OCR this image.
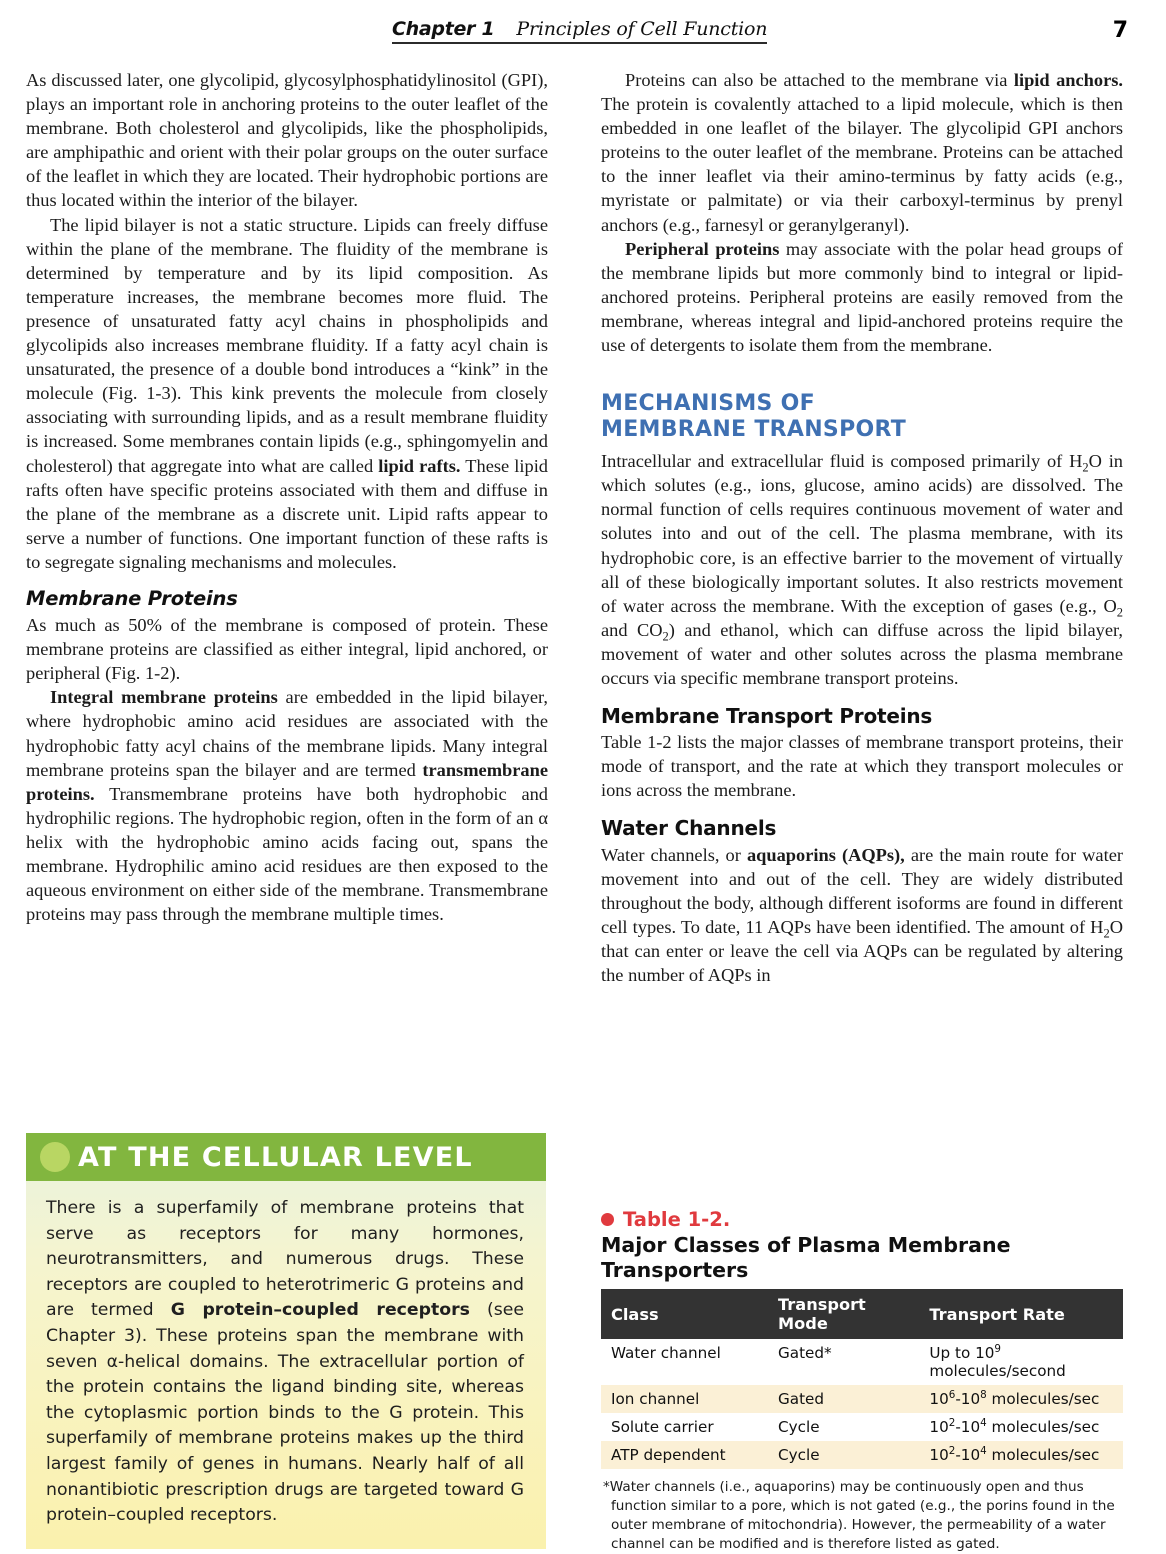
Chapter 1 Principles of Cell Function	7

As discussed later, one glycolipid, glycosylphosphatidylinositol (GPI), plays an important role in anchoring proteins to the outer leaflet of the membrane. Both cholesterol and glycolipids, like the phospholipids, are amphipathic and orient with their polar groups on the outer surface of the leaflet in which they are located. Their hydrophobic portions are thus located within the interior of the bilayer.

The lipid bilayer is not a static structure. Lipids can freely diffuse within the plane of the membrane. The fluidity of the membrane is determined by temperature and by its lipid composition. As temperature increases, the membrane becomes more fluid. The presence of unsaturated fatty acyl chains in phospholipids and glycolipids also increases membrane fluidity. If a fatty acyl chain is unsaturated, the presence of a double bond introduces a “kink” in the molecule (Fig. 1-3). This kink prevents the molecule from closely associating with surrounding lipids, and as a result membrane fluidity is increased. Some membranes contain lipids (e.g., sphingomyelin and cholesterol) that aggregate into what are called lipid rafts. These lipid rafts often have specific proteins associated with them and diffuse in the plane of the membrane as a discrete unit. Lipid rafts appear to serve a number of functions. One important function of these rafts is to segregate signaling mechanisms and molecules.

Membrane Proteins

As much as 50% of the membrane is composed of protein. These membrane proteins are classified as either integral, lipid anchored, or peripheral (Fig. 1-2).

Integral membrane proteins are embedded in the lipid bilayer, where hydrophobic amino acid residues are associated with the hydrophobic fatty acyl chains of the membrane lipids. Many integral membrane proteins span the bilayer and are termed transmembrane proteins. Transmembrane proteins have both hydrophobic and hydrophilic regions. The hydrophobic region, often in the form of an α helix with the hydrophobic amino acids facing out, spans the membrane. Hydrophilic amino acid residues are then exposed to the aqueous environment on either side of the membrane. Transmembrane proteins may pass through the membrane multiple times.

Proteins can also be attached to the membrane via lipid anchors. The protein is covalently attached to a lipid molecule, which is then embedded in one leaflet of the bilayer. The glycolipid GPI anchors proteins to the outer leaflet of the membrane. Proteins can be attached to the inner leaflet via their amino-terminus by fatty acids (e.g., myristate or palmitate) or via their carboxyl-terminus by prenyl anchors (e.g., farnesyl or geranylgeranyl).

Peripheral proteins may associate with the polar head groups of the membrane lipids but more commonly bind to integral or lipid-anchored proteins. Peripheral proteins are easily removed from the membrane, whereas integral and lipid-anchored proteins require the use of detergents to isolate them from the membrane.

MECHANISMS OF
MEMBRANE TRANSPORT

Intracellular and extracellular fluid is composed primarily of $H_2O$ in which solutes (e.g., ions, glucose, amino acids) are dissolved. The normal function of cells requires continuous movement of water and solutes into and out of the cell. The plasma membrane, with its hydrophobic core, is an effective barrier to the movement of virtually all of these biologically important solutes. It also restricts movement of water across the membrane. With the exception of gases (e.g., $O_2$ and $CO_2$) and ethanol, which can diffuse across the lipid bilayer, movement of water and other solutes across the plasma membrane occurs via specific membrane transport proteins.

Membrane Transport Proteins

Table 1-2 lists the major classes of membrane transport proteins, their mode of transport, and the rate at which they transport molecules or ions across the membrane.

Water Channels

Water channels, or aquaporins (AQPs), are the main route for water movement into and out of the cell. They are widely distributed throughout the body, although different isoforms are found in different cell types. To date, 11 AQPs have been identified. The amount of $H_2O$ that can enter or leave the cell via AQPs can be regulated by altering the number of AQPs in

AT THE CELLULAR LEVEL

There is a superfamily of membrane proteins that serve as receptors for many hormones, neurotransmitters, and numerous drugs. These receptors are coupled to heterotrimeric G proteins and are termed G protein–coupled receptors (see Chapter 3). These proteins span the membrane with seven α-helical domains. The extracellular portion of the protein contains the ligand binding site, whereas the cytoplasmic portion binds to the G protein. This superfamily of membrane proteins makes up the third largest family of genes in humans. Nearly half of all nonantibiotic prescription drugs are targeted toward G protein–coupled receptors.

Table 1-2.
Major Classes of Plasma Membrane
Transporters
Class	Transport Mode	Transport Rate
Water channel	Gated*	Up to $10^9$ molecules/second
Ion channel	Gated	$10^6-10^8$ molecules/sec
Solute carrier	Cycle	$10^2-10^4$ molecules/sec
ATP dependent	Cycle	$10^2-10^4$ molecules/sec
*Water channels (i.e., aquaporins) may be continuously open and thus function similar to a pore, which is not gated (e.g., the porins found in the outer membrane of mitochondria). However, the permeability of a water channel can be modified and is therefore listed as gated.
